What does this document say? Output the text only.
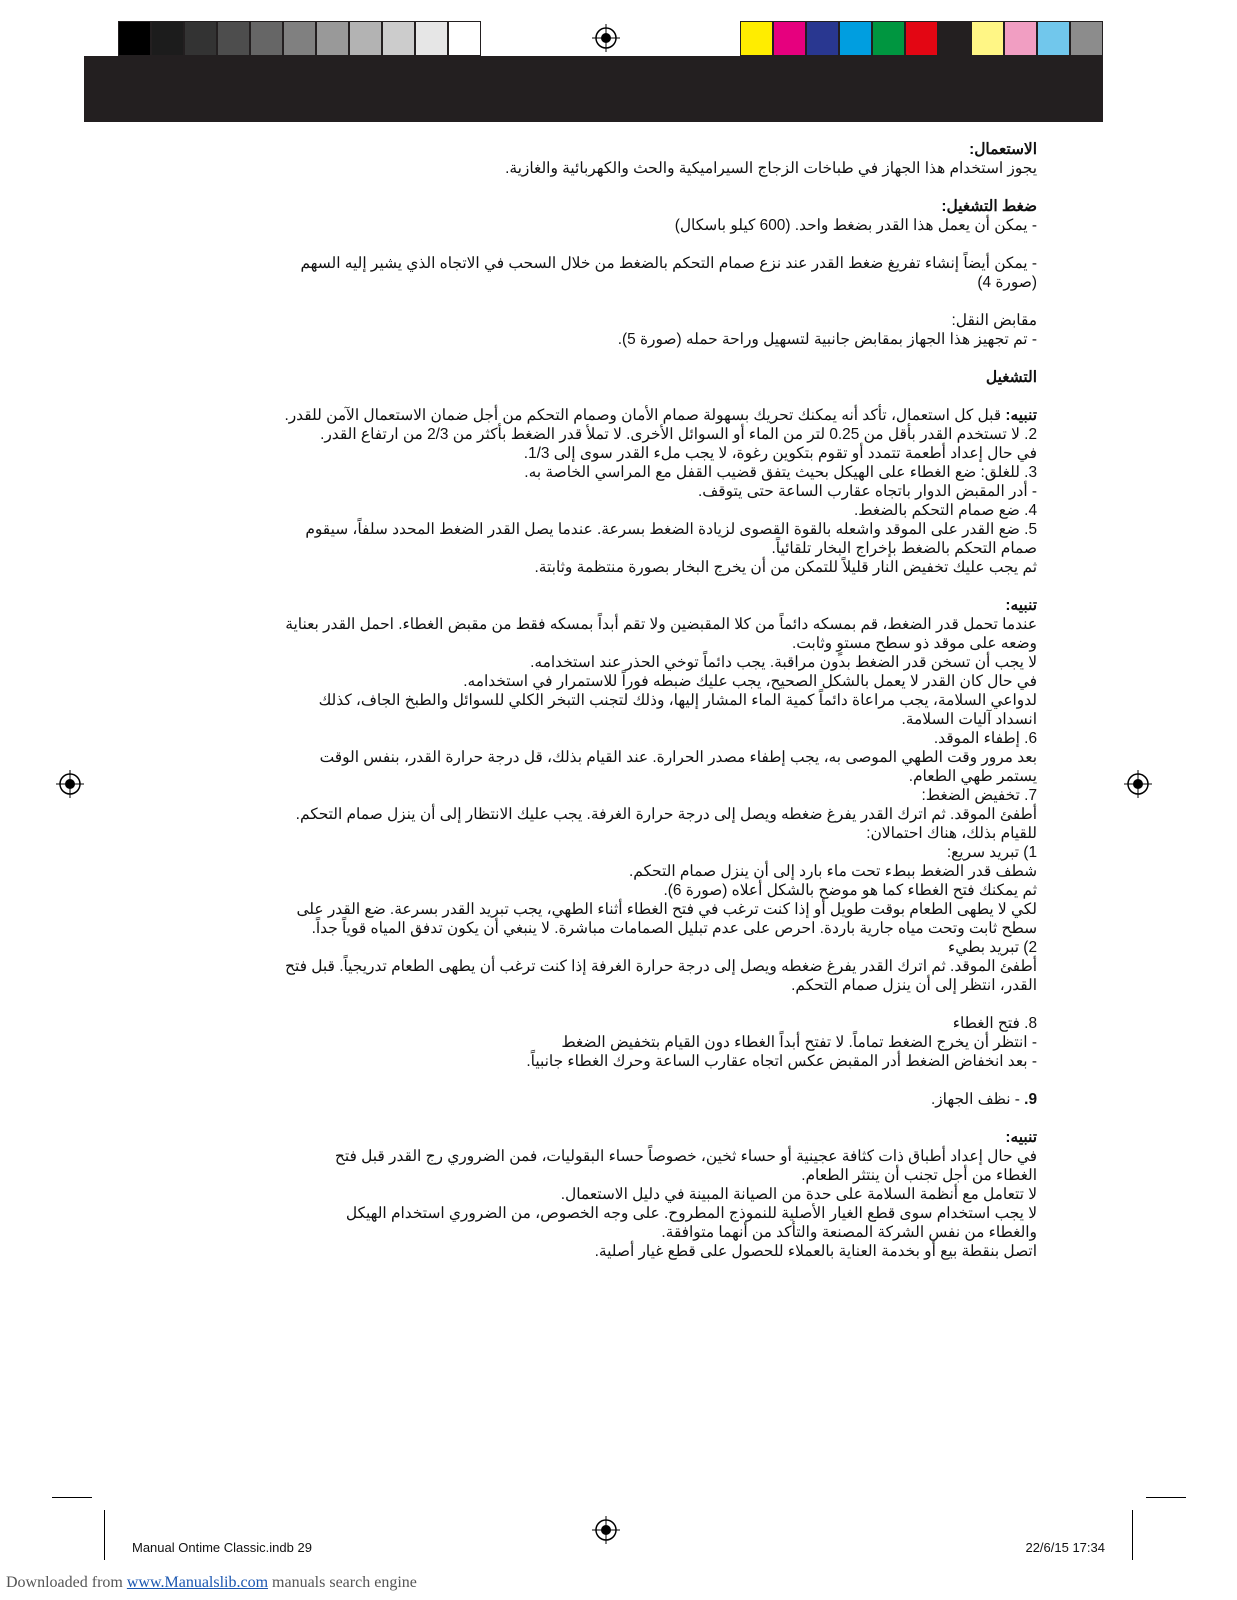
الاستعمال:

يجوز استخدام هذا الجهاز في طباخات الزجاج السيراميكية والحث والكهربائية والغازية.

ضغط التشغيل:

- يمكن أن يعمل هذا القدر بضغط واحد. (600 كيلو باسكال)

- يمكن أيضاً إنشاء تفريغ ضغط القدر عند نزع صمام التحكم بالضغط من خلال السحب في الاتجاه الذي يشير إليه السهم

(صورة 4)

مقابض النقل:

- تم تجهيز هذا الجهاز بمقابض جانبية لتسهيل وراحة حمله (صورة 5).

التشغيل

تنبيه: قبل كل استعمال، تأكد أنه يمكنك تحريك بسهولة صمام الأمان وصمام التحكم من أجل ضمان الاستعمال الآمن للقدر.

2. لا تستخدم القدر بأقل من 0.25 لتر من الماء أو السوائل الأخرى. لا تملأ قدر الضغط بأكثر من 2/3 من ارتفاع القدر.

في حال إعداد أطعمة تتمدد أو تقوم بتكوين رغوة، لا يجب ملء القدر سوى إلى 1/3.

3. للغلق: ضع الغطاء على الهيكل بحيث يتفق قضيب القفل مع المراسي الخاصة به.

- أدر المقبض الدوار باتجاه عقارب الساعة حتى يتوقف.

4. ضع صمام التحكم بالضغط.

5. ضع القدر على الموقد واشعله بالقوة القصوى لزيادة الضغط بسرعة. عندما يصل القدر الضغط المحدد سلفاً، سيقوم

صمام التحكم بالضغط بإخراج البخار تلقائياً.

ثم يجب عليك تخفيض النار قليلاً للتمكن من أن يخرج البخار بصورة منتظمة وثابتة.

تنبيه:

عندما تحمل قدر الضغط، قم بمسكه دائماً من كلا المقبضين ولا تقم أبداً بمسكه فقط من مقبض الغطاء. احمل القدر بعناية

وضعه على موقد ذو سطح مستوٍ وثابت.

لا يجب أن تسخن قدر الضغط بدون مراقبة. يجب دائماً توخي الحذر عند استخدامه.

في حال كان القدر لا يعمل بالشكل الصحيح، يجب عليك ضبطه فوراً للاستمرار في استخدامه.

لدواعي السلامة، يجب مراعاة دائماً كمية الماء المشار إليها، وذلك لتجنب التبخر الكلي للسوائل والطبخ الجاف، كذلك

انسداد آليات السلامة.

6. إطفاء الموقد.

بعد مرور وقت الطهي الموصى به، يجب إطفاء مصدر الحرارة. عند القيام بذلك، قل درجة حرارة القدر، بنفس الوقت

يستمر طهي الطعام.

7. تخفيض الضغط:

أطفئ الموقد. ثم اترك القدر يفرغ ضغطه ويصل إلى درجة حرارة الغرفة. يجب عليك الانتظار إلى أن ينزل صمام التحكم.

للقيام بذلك، هناك احتمالان:

1) تبريد سريع:

شطف قدر الضغط ببطء تحت ماء بارد إلى أن ينزل صمام التحكم.

ثم يمكنك فتح الغطاء كما هو موضح بالشكل أعلاه (صورة 6).

لكي لا يطهى الطعام بوقت طويل أو إذا كنت ترغب في فتح الغطاء أثناء الطهي، يجب تبريد القدر بسرعة. ضع القدر على

سطح ثابت وتحت مياه جارية باردة. احرص على عدم تبليل الصمامات مباشرة. لا ينبغي أن يكون تدفق المياه قوياً جداً.

2) تبريد بطيء

أطفئ الموقد. ثم اترك القدر يفرغ ضغطه ويصل إلى درجة حرارة الغرفة إذا كنت ترغب أن يطهى الطعام تدريجياً. قبل فتح

القدر، انتظر إلى أن ينزل صمام التحكم.

8. فتح الغطاء

- انتظر أن يخرج الضغط تماماً. لا تفتح أبداً الغطاء دون القيام بتخفيض الضغط

- بعد انخفاض الضغط أدر المقبض عكس اتجاه عقارب الساعة وحرك الغطاء جانبياً.

9. - نظف الجهاز.

تنبيه:

في حال إعداد أطباق ذات كثافة عجينية أو حساء ثخين، خصوصاً حساء البقوليات، فمن الضروري رج القدر قبل فتح

الغطاء من أجل تجنب أن ينتثر الطعام.

لا تتعامل مع أنظمة السلامة على حدة من الصيانة المبينة في دليل الاستعمال.

لا يجب استخدام سوى قطع الغيار الأصلية للنموذج المطروح. على وجه الخصوص، من الضروري استخدام الهيكل

والغطاء من نفس الشركة المصنعة والتأكد من أنهما متوافقة.

اتصل بنقطة بيع أو بخدمة العناية بالعملاء للحصول على قطع غيار أصلية.

Manual Ontime Classic.indb 29	22/6/15 17:34
Downloaded from www.Manualslib.com manuals search engine
